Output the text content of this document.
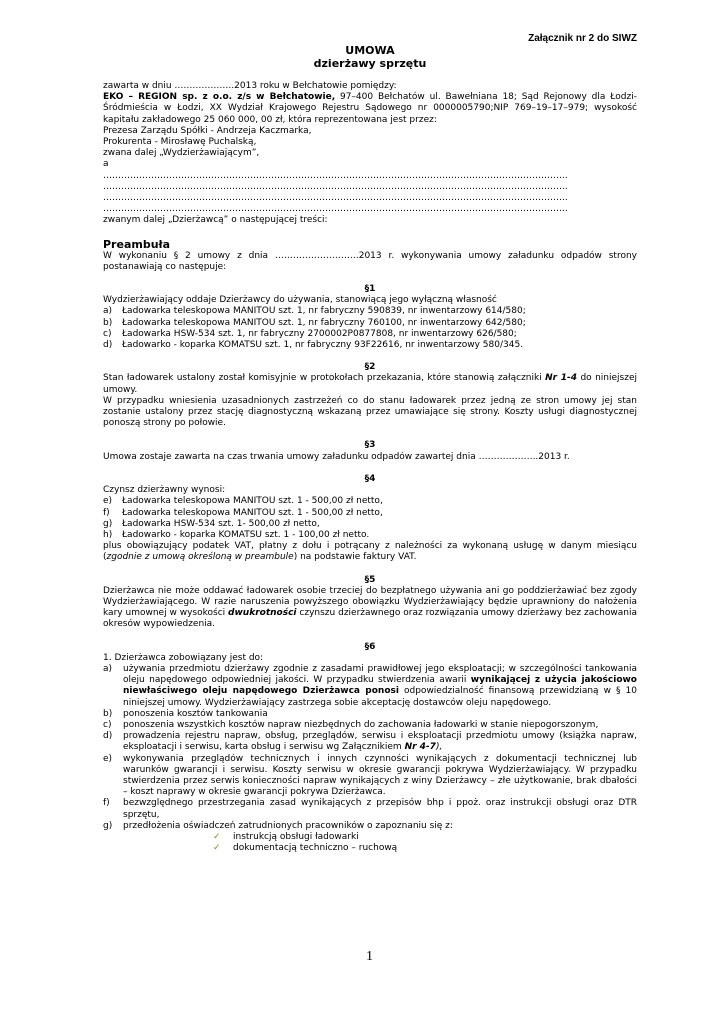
Załącznik nr 2 do SIWZ
UMOWA
dzierżawy sprzętu

zawarta w dniu ………………..2013 roku w Bełchatowie pomiędzy:

EKO – REGION sp. z o.o. z/s w Bełchatowie, 97–400 Bełchatów ul. Bawełniana 18; Sąd Rejonowy dla Łodzi-Śródmieścia w Łodzi, XX Wydział Krajowego Rejestru Sądowego nr 0000005790;NIP 769–19–17–979; wysokość kapitału zakładowego 25 060 000, 00 zł, która reprezentowana jest przez:

Prezesa Zarządu Spółki - Andrzeja Kaczmarka,

Prokurenta - Mirosławę Puchalską,

zwana dalej „Wydzierżawiającym”,

a

………………………………………………………………………………………………………………………………………..

………………………………………………………………………………………………………………………………………..

………………………………………………………………………………………………………………………………………..

………………………………………………………………………………………………………………………………………..

zwanym dalej „Dzierżawcą” o następującej treści:

Preambuła

W wykonaniu § 2 umowy z dnia ……………………….2013 r. wykonywania umowy załadunku odpadów strony postanawiają co następuje:

§1

Wydzierżawiający oddaje Dzierżawcy do używania, stanowiącą jego wyłączną własność

a)	Ładowarka teleskopowa MANITOU szt. 1, nr fabryczny 590839, nr inwentarzowy 614/580;
b)	Ładowarka teleskopowa MANITOU szt. 1, nr fabryczny 760100, nr inwentarzowy 642/580;
c)	Ładowarka HSW-534 szt. 1, nr fabryczny 2700002P0877808, nr inwentarzowy 626/580;
d)	Ładowarko - koparka KOMATSU szt. 1, nr fabryczny 93F22616, nr inwentarzowy 580/345.

§2

Stan ładowarek ustalony został komisyjnie w protokołach przekazania, które stanowią załączniki Nr 1-4 do niniejszej umowy.

W przypadku wniesienia uzasadnionych zastrzeżeń co do stanu ładowarek przez jedną ze stron umowy jej stan zostanie ustalony przez stację diagnostyczną wskazaną przez umawiające się strony. Koszty usługi diagnostycznej ponoszą strony po połowie.

§3

Umowa zostaje zawarta na czas trwania umowy załadunku odpadów zawartej dnia ………………..2013 r.

§4

Czynsz dzierżawny wynosi:

e)	Ładowarka teleskopowa MANITOU szt. 1 - 500,00 zł netto,
f)	Ładowarka teleskopowa MANITOU szt. 1 - 500,00 zł netto,
g)	Ładowarka HSW-534 szt. 1- 500,00 zł netto,
h)	Ładowarko - koparka KOMATSU szt. 1 - 100,00 zł netto.

plus obowiązujący podatek VAT, płatny z dołu i potrącany z należności za wykonaną usługę w danym miesiącu (zgodnie z umową określoną w preambule) na podstawie faktury VAT.

§5

Dzierżawca nie może oddawać ładowarek osobie trzeciej do bezpłatnego używania ani go poddzierżawiać bez zgody Wydzierżawiającego. W razie naruszenia powyższego obowiązku Wydzierżawiający będzie uprawniony do nałożenia kary umownej w wysokości dwukrotności czynszu dzierżawnego oraz rozwiązania umowy dzierżawy bez zachowania okresów wypowiedzenia.

§6

1. Dzierżawca zobowiązany jest do:

a)	używania przedmiotu dzierżawy zgodnie z zasadami prawidłowej jego eksploatacji; w szczególności tankowania oleju napędowego odpowiedniej jakości. W przypadku stwierdzenia awarii wynikającej z użycia jakościowo niewłaściwego oleju napędowego Dzierżawca ponosi odpowiedzialność finansową przewidzianą w § 10 niniejszej umowy. Wydzierżawiający zastrzega sobie akceptację dostawców oleju napędowego.
b)	ponoszenia kosztów tankowania
c)	ponoszenia wszystkich kosztów napraw niezbędnych do zachowania ładowarki w stanie niepogorszonym,
d)	prowadzenia rejestru napraw, obsług, przeglądów, serwisu i eksploatacji przedmiotu umowy (książka napraw, eksploatacji i serwisu, karta obsług i serwisu wg Załącznikiem Nr 4-7),
e)	wykonywania przeglądów technicznych i innych czynności wynikających z dokumentacji technicznej lub warunków gwarancji i serwisu. Koszty serwisu w okresie gwarancji pokrywa Wydzierżawiający. W przypadku stwierdzenia przez serwis konieczności napraw wynikających z winy Dzierżawcy – złe użytkowanie, brak dbałości – koszt naprawy w okresie gwarancji pokrywa Dzierżawca.
f)	bezwzględnego przestrzegania zasad wynikających z przepisów bhp i ppoż. oraz instrukcji obsługi oraz DTR sprzętu,
g)	przedłożenia oświadczeń zatrudnionych pracowników o zapoznaniu się z:
✓	instrukcją obsługi ładowarki
✓	dokumentacją techniczno – ruchową
1
